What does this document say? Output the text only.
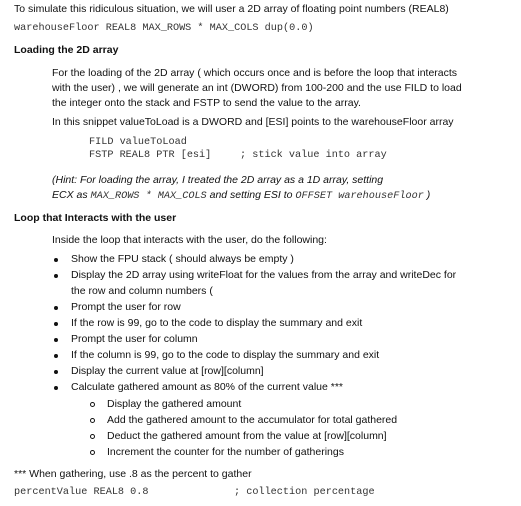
To simulate this ridiculous situation, we will user a 2D array of floating point numbers (REAL8)
warehouseFloor REAL8 MAX_ROWS * MAX_COLS dup(0.0)
Loading the 2D array
For the loading of the 2D array ( which occurs once and is before the loop that interacts
with the user) , we will generate an int (DWORD) from 100-200 and the use FILD to load
the integer onto the stack and FSTP to send the value to the array.
In this snippet valueToLoad is a DWORD and [ESI] points to the warehouseFloor array
FILD valueToLoad
FSTP REAL8 PTR [esi]	; stick value into array
(Hint: For loading the array, I treated the 2D array as a 1D array, setting
ECX as MAX_ROWS * MAX_COLS and setting ESI to OFFSET warehouseFloor )
Loop that Interacts with the user
Inside the loop that interacts with the user, do the following:
Show the FPU stack ( should always be empty )
Display the 2D array using writeFloat for the values from the array and writeDec for
the row and column numbers (
Prompt the user for row
If the row is 99, go to the code to display the summary and exit
Prompt the user for column
If the column is 99, go to the code to display the summary and exit
Display the current value at [row][column]
Calculate gathered amount as 80% of the current value ***
Display the gathered amount
Add the gathered amount to the accumulator for total gathered
Deduct the gathered amount from the value at [row][column]
Increment the counter for the number of gatherings
*** When gathering, use .8 as the percent to gather
percentValue REAL8 0.8	; collection percentage
